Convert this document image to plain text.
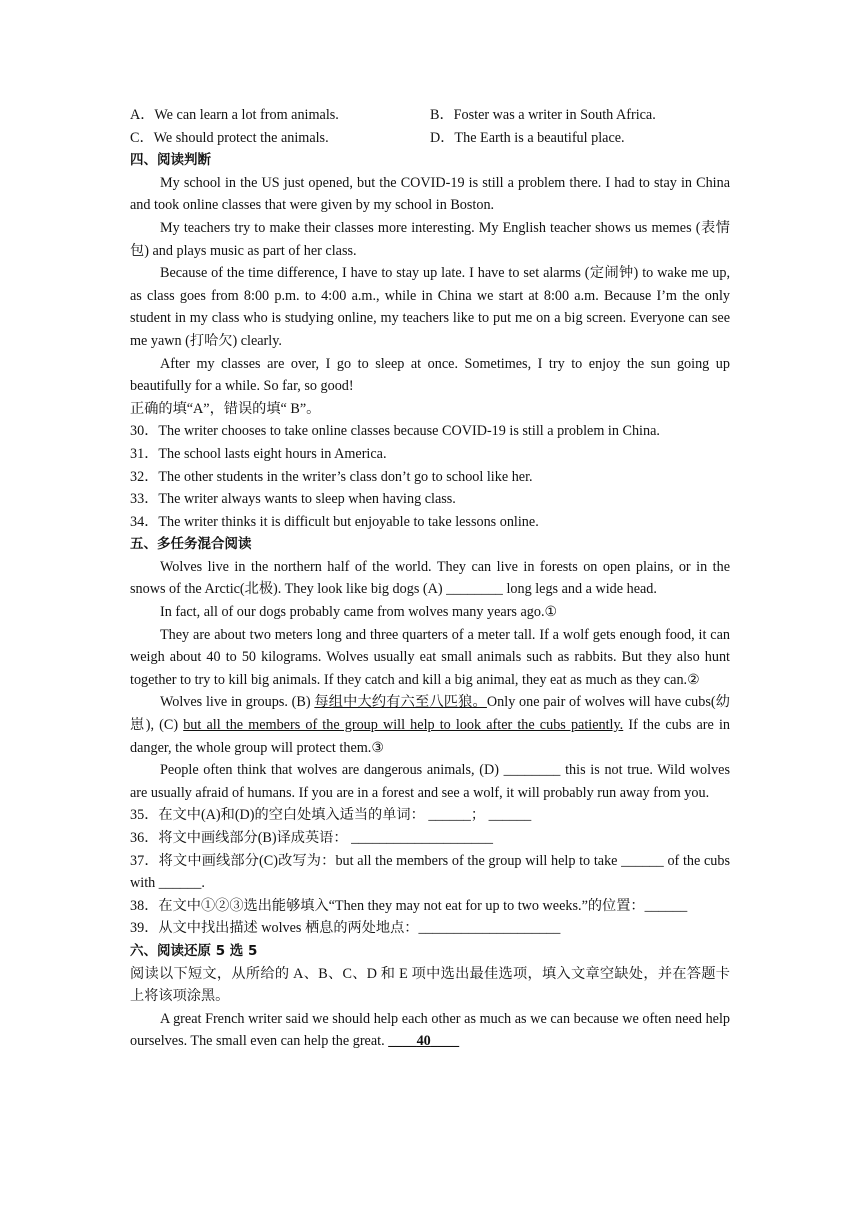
A．We can learn a lot from animals.	B．Foster was a writer in South Africa.
C．We should protect the animals.	D．The Earth is a beautiful place.

四、阅读判断

My school in the US just opened, but the COVID-19 is still a problem there. I had to stay in China and took online classes that were given by my school in Boston.

My teachers try to make their classes more interesting. My English teacher shows us memes (表情包) and plays music as part of her class.

Because of the time difference, I have to stay up late. I have to set alarms (定闹钟) to wake me up, as class goes from 8:00 p.m. to 4:00 a.m., while in China we start at 8:00 a.m. Because I’m the only student in my class who is studying online, my teachers like to put me on a big screen. Everyone can see me yawn (打哈欠) clearly.

After my classes are over, I go to sleep at once. Sometimes, I try to enjoy the sun going up beautifully for a while. So far, so good!

正确的填“A”，错误的填“ B”。

30．The writer chooses to take online classes because COVID-19 is still a problem in China.

31．The school lasts eight hours in America.

32．The other students in the writer’s class don’t go to school like her.

33．The writer always wants to sleep when having class.

34．The writer thinks it is difficult but enjoyable to take lessons online.

五、多任务混合阅读

Wolves live in the northern half of the world. They can live in forests on open plains, or in the snows of the Arctic(北极). They look like big dogs (A) ________ long legs and a wide head.

In fact, all of our dogs probably came from wolves many years ago.①

They are about two meters long and three quarters of a meter tall. If a wolf gets enough food, it can weigh about 40 to 50 kilograms. Wolves usually eat small animals such as rabbits. But they also hunt together to try to kill big animals. If they catch and kill a big animal, they eat as much as they can.②

Wolves live in groups. (B) 每组中大约有六至八匹狼。Only one pair of wolves will have cubs(幼崽), (C) but all the members of the group will help to look after the cubs patiently. If the cubs are in danger, the whole group will protect them.③

People often think that wolves are dangerous animals, (D) ________ this is not true. Wild wolves are usually afraid of humans. If you are in a forest and see a wolf, it will probably run away from you.

35．在文中(A)和(D)的空白处填入适当的单词： ______； ______

36．将文中画线部分(B)译成英语： ____________________

37．将文中画线部分(C)改写为：but all the members of the group will help to take ______ of the cubs with ______.

38．在文中①②③选出能够填入“Then they may not eat for up to two weeks.”的位置：______

39．从文中找出描述 wolves 栖息的两处地点：____________________

六、阅读还原 5 选 5

阅读以下短文，从所给的 A、B、C、D 和 E 项中选出最佳选项，填入文章空缺处，并在答题卡上将该项涂黑。

A great French writer said we should help each other as much as we can because we often need help ourselves. The small even can help the great. ____40____
